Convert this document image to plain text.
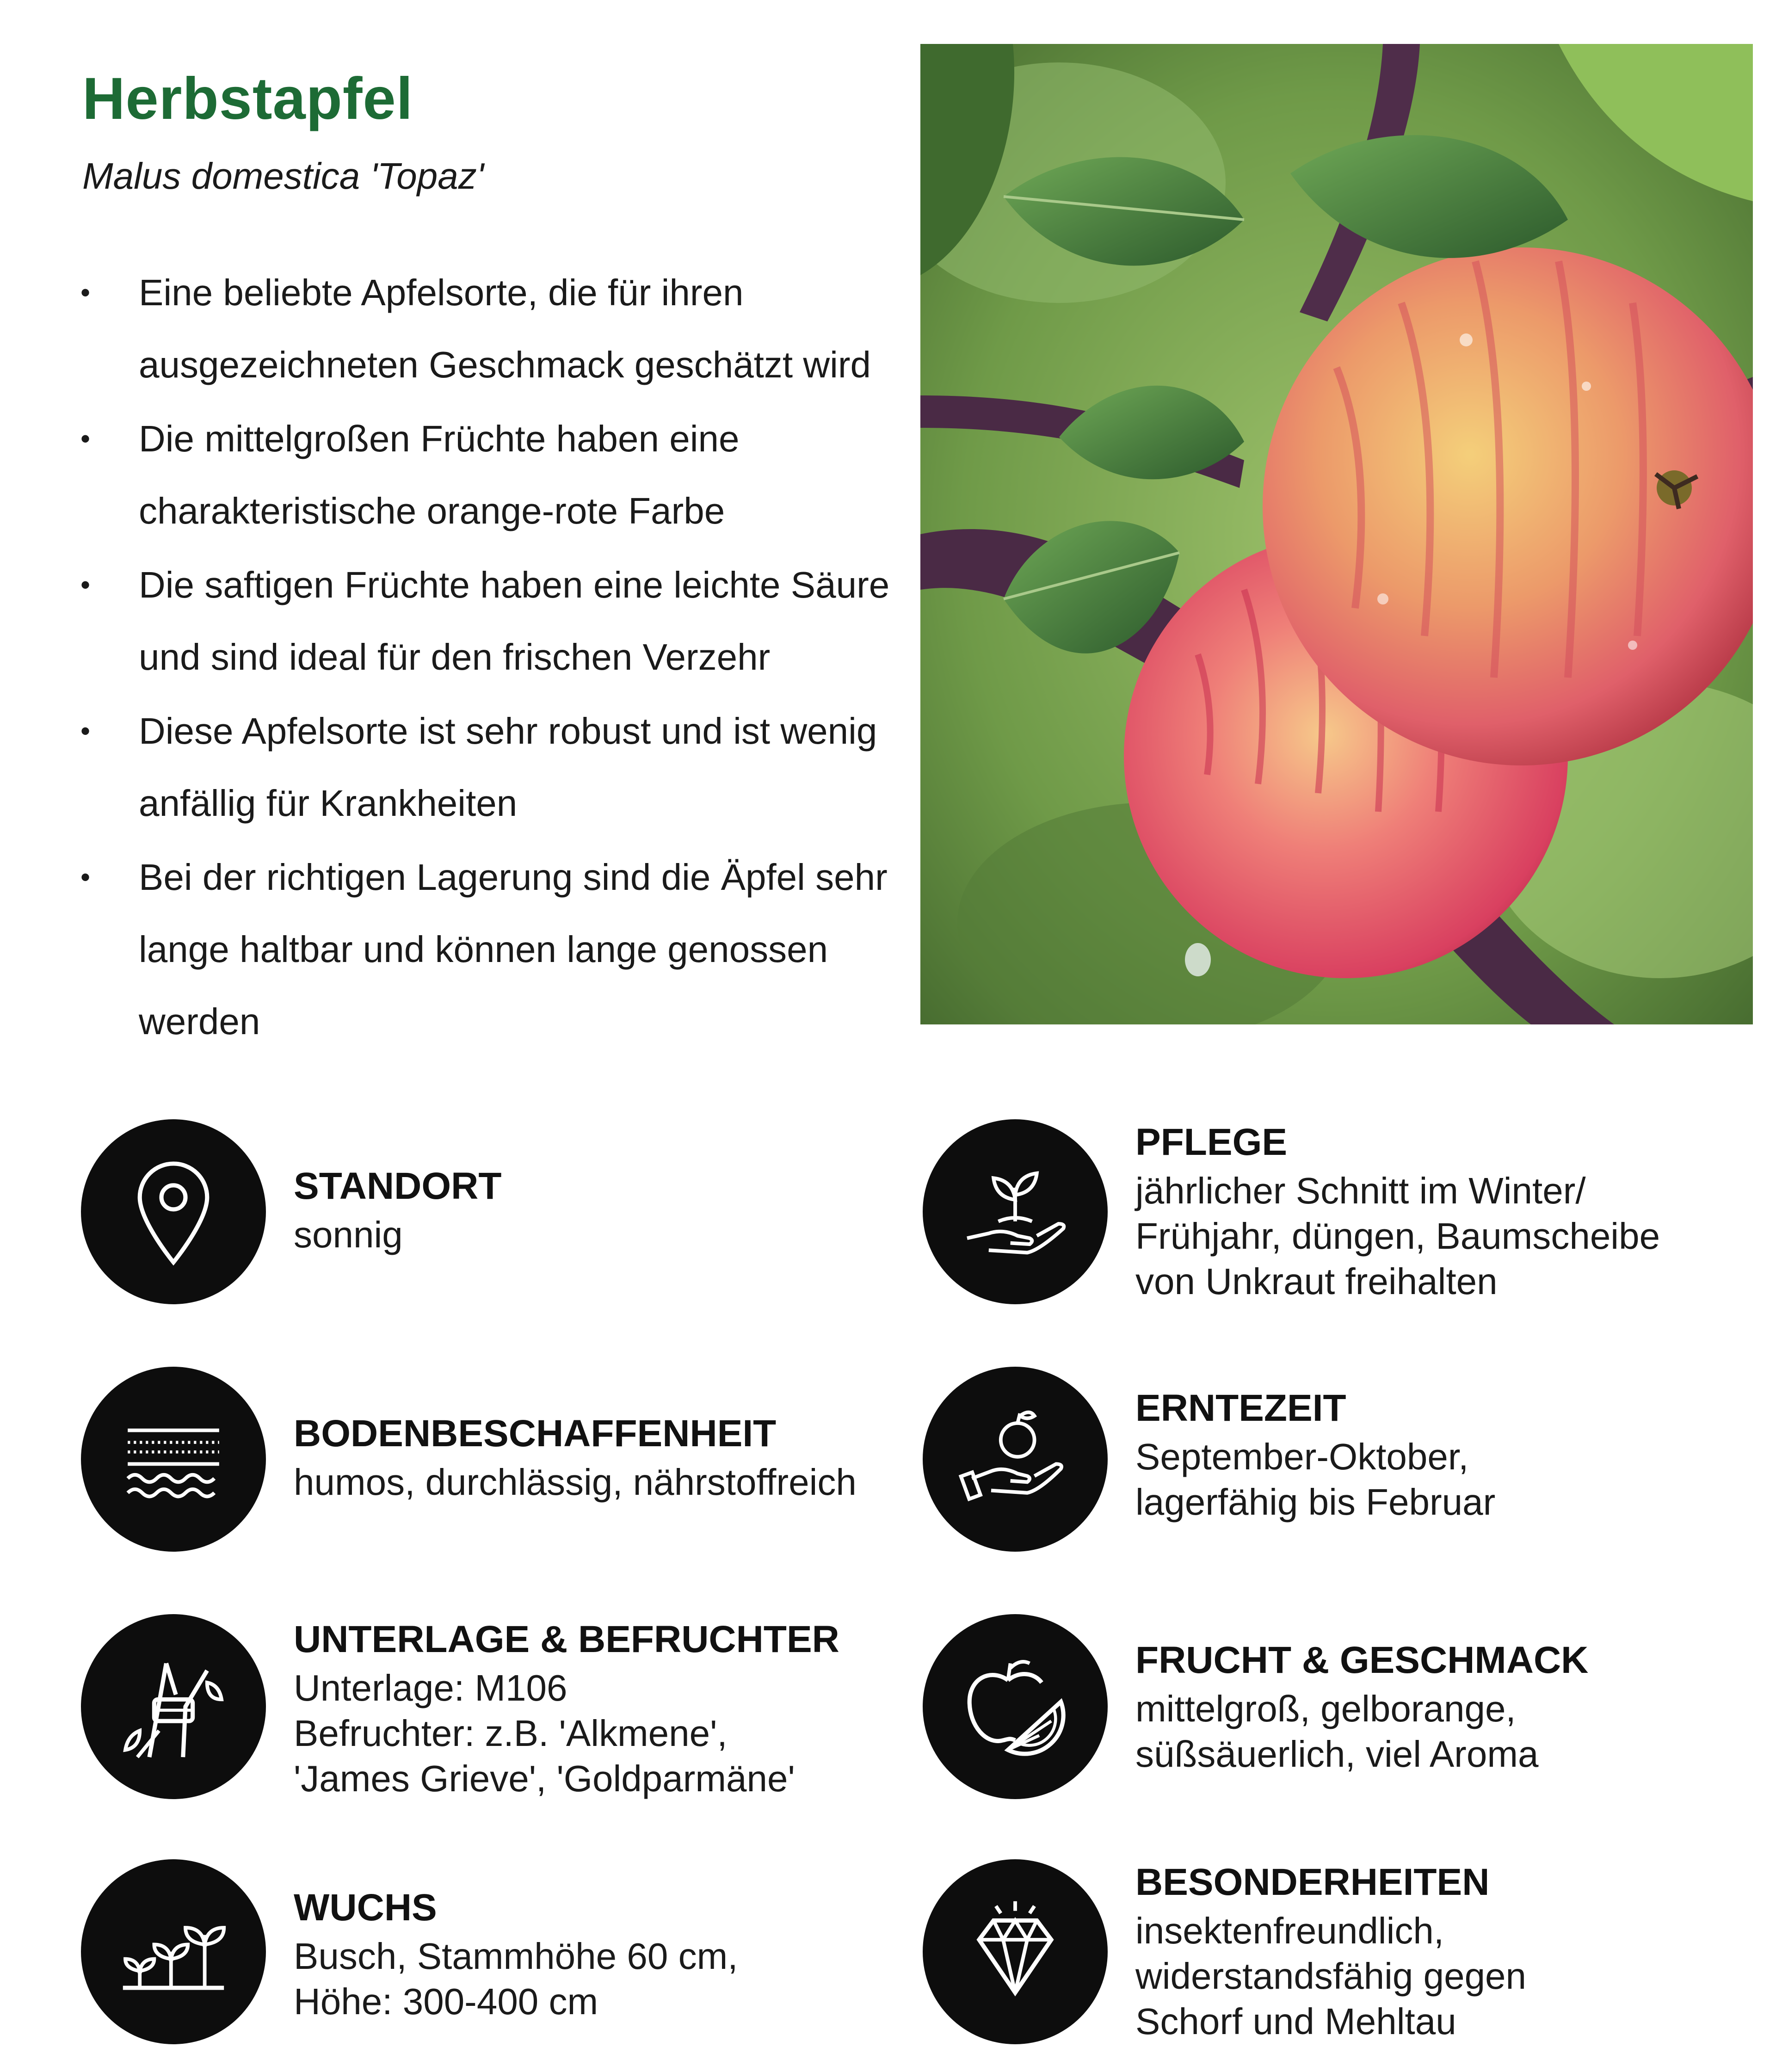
Herbstapfel

Malus domestica 'Topaz'

• Eine beliebte Apfelsorte, die für ihren ausgezeichneten Geschmack geschätzt wird
• Die mittelgroßen Früchte haben eine charakteristische orange-rote Farbe
• Die saftigen Früchte haben eine leichte Säure und sind ideal für den frischen Verzehr
• Diese Apfelsorte ist sehr robust und ist wenig anfällig für Krankheiten
• Bei der richtigen Lagerung sind die Äpfel sehr lange haltbar und können lange genossen werden

STANDORT

sonnig

BODENBESCHAFFENHEIT

humos, durchlässig, nährstoffreich

UNTERLAGE & BEFRUCHTER

Unterlage: M106
Befruchter: z.B. 'Alkmene',
'James Grieve', 'Goldparmäne'

WUCHS

Busch, Stammhöhe 60 cm,
Höhe: 300-400 cm

PFLEGE

jährlicher Schnitt im Winter/
Frühjahr, düngen, Baumscheibe
von Unkraut freihalten

ERNTEZEIT

September-Oktober,
lagerfähig bis Februar

FRUCHT & GESCHMACK

mittelgroß, gelborange,
süßsäuerlich, viel Aroma

BESONDERHEITEN

insektenfreundlich,
widerstandsfähig gegen
Schorf und Mehltau
